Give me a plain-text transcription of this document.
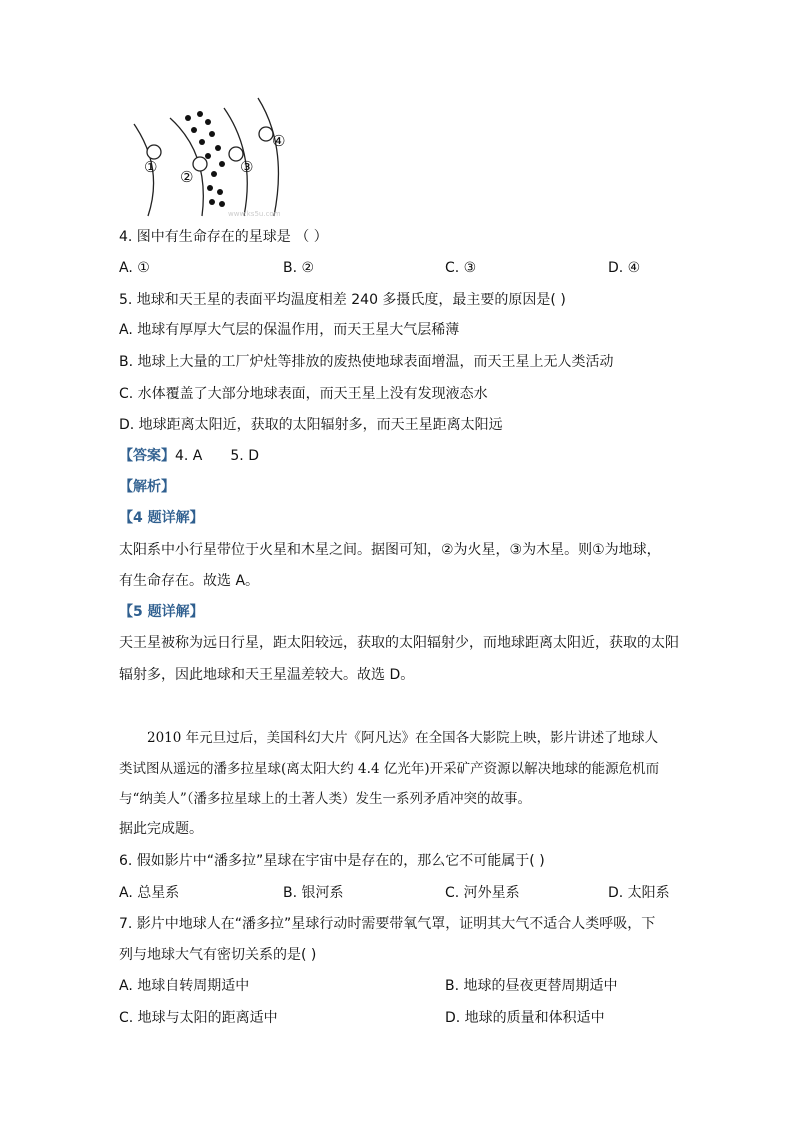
①
②
③
④
www.ks5u.com
4. 图中有生命存在的星球是 （ ）
A. ①	B. ②	C. ③	D. ④
5. 地球和天王星的表面平均温度相差 240 多摄氏度，最主要的原因是( )
A. 地球有厚厚大气层的保温作用，而天王星大气层稀薄
B. 地球上大量的工厂炉灶等排放的废热使地球表面增温，而天王星上无人类活动
C. 水体覆盖了大部分地球表面，而天王星上没有发现液态水
D. 地球距离太阳近，获取的太阳辐射多，而天王星距离太阳远
【答案】4. A 5. D
【解析】
【4 题详解】
太阳系中小行星带位于火星和木星之间。据图可知，②为火星，③为木星。则①为地球，
有生命存在。故选 A。
【5 题详解】
天王星被称为远日行星，距太阳较远，获取的太阳辐射少，而地球距离太阳近，获取的太阳
辐射多，因此地球和天王星温差较大。故选 D。
2010 年元旦过后，美国科幻大片《阿凡达》在全国各大影院上映，影片讲述了地球人
类试图从遥远的潘多拉星球(离太阳大约 4.4 亿光年)开采矿产资源以解决地球的能源危机而
与“纳美人”（潘多拉星球上的土著人类）发生一系列矛盾冲突的故事。
据此完成题。
6. 假如影片中“潘多拉”星球在宇宙中是存在的，那么它不可能属于( )
A. 总星系	B. 银河系	C. 河外星系	D. 太阳系
7. 影片中地球人在“潘多拉”星球行动时需要带氧气罩，证明其大气不适合人类呼吸，下
列与地球大气有密切关系的是( )
A. 地球自转周期适中	B. 地球的昼夜更替周期适中
C. 地球与太阳的距离适中	D. 地球的质量和体积适中
